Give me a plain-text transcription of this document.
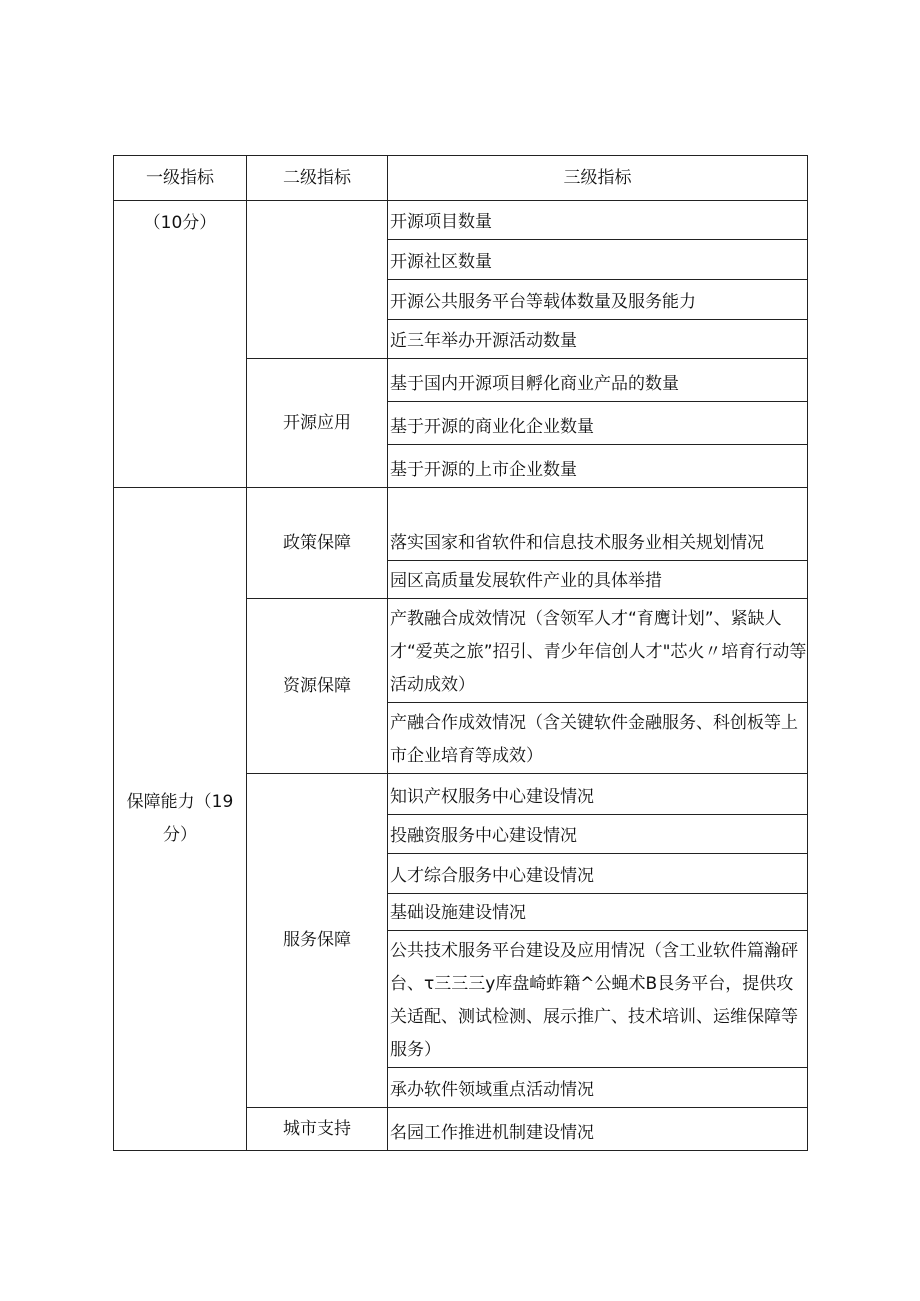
一级指标	二级指标	三级指标
（10分）		开源项目数量
		开源社区数量
		开源公共服务平台等载体数量及服务能力
		近三年举办开源活动数量
	开源应用	基于国内开源项目孵化商业产品的数量
		基于开源的商业化企业数量
		基于开源的上市企业数量
保障能力（19分）	政策保障	落实国家和省软件和信息技术服务业相关规划情况
		园区高质量发展软件产业的具体举措
	资源保障	产教融合成效情况（含领军人才“育鹰计划”、紧缺人才“爱英之旅”招引、青少年信创人才"芯火〃培育行动等活动成效）
		产融合作成效情况（含关键软件金融服务、科创板等上市企业培育等成效）
	服务保障	知识产权服务中心建设情况
		投融资服务中心建设情况
		人才综合服务中心建设情况
		基础设施建设情况
		公共技术服务平台建设及应用情况（含工业软件篇瀚砰台、τ三三三y库盘崎蚱籍^公蝇术B艮务平台，提供攻关适配、测试检测、展示推广、技术培训、运维保障等服务）
		承办软件领域重点活动情况
	城市支持	名园工作推进机制建设情况
